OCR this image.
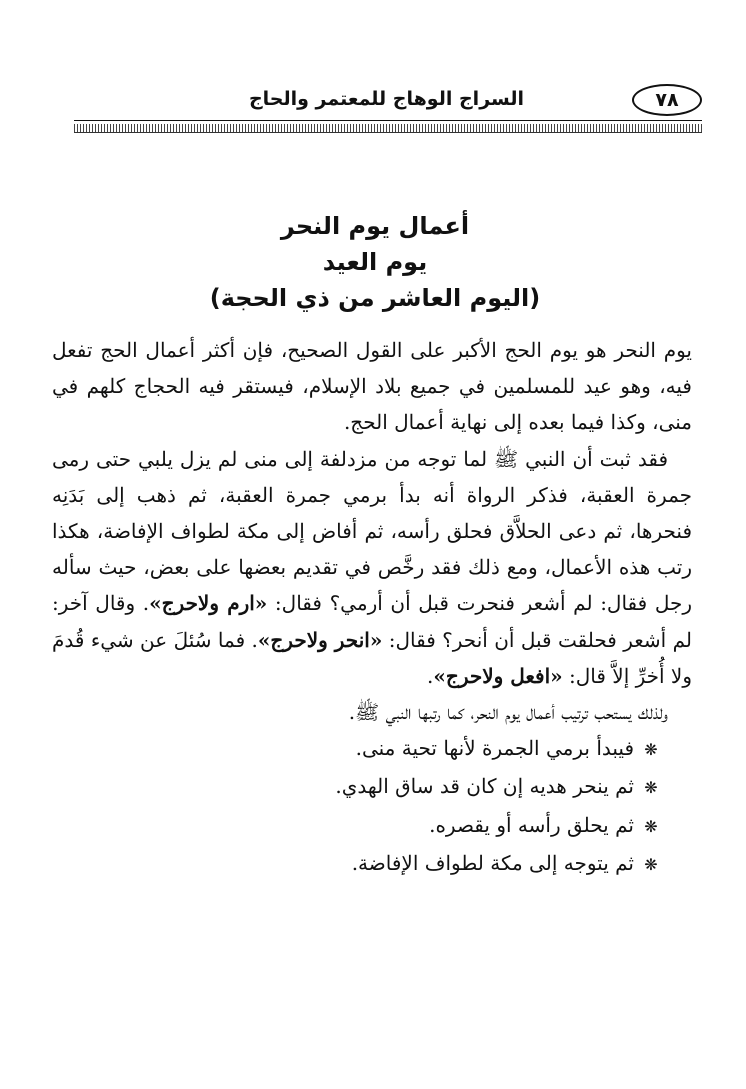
٧٨
السراج الوهاج للمعتمر والحاج
أعمال يوم النحر
يوم العيد
(اليوم العاشر من ذي الحجة)

يوم النحر هو يوم الحج الأكبر على القول الصحيح، فإن أكثر أعمال الحج تفعل فيه، وهو عيد للمسلمين في جميع بلاد الإسلام، فيستقر فيه الحجاج كلهم في منى، وكذا فيما بعده إلى نهاية أعمال الحج.

فقد ثبت أن النبي ﷺ لما توجه من مزدلفة إلى منى لم يزل يلبي حتى رمى جمرة العقبة، فذكر الرواة أنه بدأ برمي جمرة العقبة، ثم ذهب إلى بَدَنِه فنحرها، ثم دعى الحلاَّق فحلق رأسه، ثم أفاض إلى مكة لطواف الإفاضة، هكذا رتب هذه الأعمال، ومع ذلك فقد رخَّص في تقديم بعضها على بعض، حيث سأله رجل فقال: لم أشعر فنحرت قبل أن أرمي؟ فقال: «ارم ولاحرج». وقال آخر: لم أشعر فحلقت قبل أن أنحر؟ فقال: «انحر ولاحرج». فما سُئلَ عن شيء قُدمَ ولا أُخرِّ إلاَّ قال: «افعل ولاحرج».

ولذلك يستحب ترتيب أعمال يوم النحر، كما رتبها النبي ﷺ.

❋فيبدأ برمي الجمرة لأنها تحية منى.
❋ثم ينحر هديه إن كان قد ساق الهدي.
❋ثم يحلق رأسه أو يقصره.
❋ثم يتوجه إلى مكة لطواف الإفاضة.
